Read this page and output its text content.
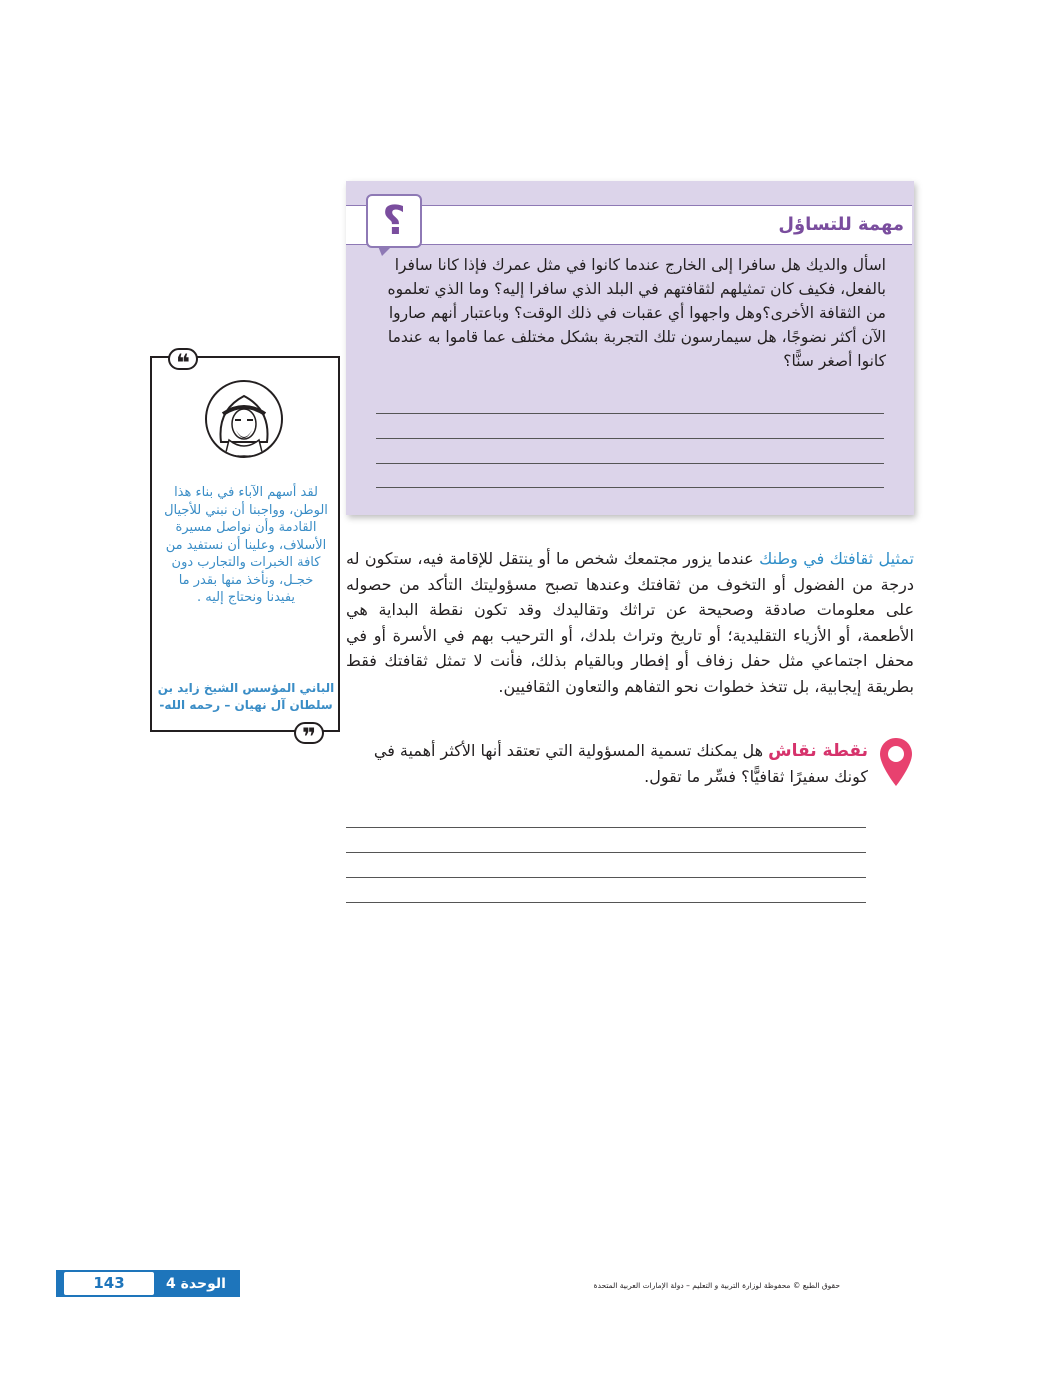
مهمة للتساؤل
؟
اسأل والديك هل سافرا إلى الخارج عندما كانوا في مثل عمرك فإذا كانا سافرا بالفعل، فكيف كان تمثيلهم لثقافتهم في البلد الذي سافرا إليه؟ وما الذي تعلموه من الثقافة الأخرى؟وهل واجهوا أي عقبات في ذلك الوقت؟ وباعتبار أنهم صاروا الآن أكثر نضوجًا، هل سيمارسون تلك التجربة بشكل مختلف عما قاموا به عندما كانوا أصغر سنًّا؟
❝
لقد أسهم الآباء في بناء هذا الوطن، وواجبنا أن نبني للأجيال القادمة وأن نواصل مسيرة الأسلاف، وعلينا أن نستفيد من كافة الخبرات والتجارب دون خجـل، ونأخذ منها بقدر ما يفيدنا ونحتاج إليه .
الباني المؤسس الشيخ زايد بن سلطان آل نهيان – رحمه الله-
❞
تمثيل ثقافتك في وطنك عندما يزور مجتمعك شخص ما أو ينتقل للإقامة فيه، ستكون له درجة من الفضول أو التخوف من ثقافتك وعندها تصبح مسؤوليتك التأكد من حصوله على معلومات صادقة وصحيحة عن تراثك وتقاليدك وقد تكون نقطة البداية هي الأطعمة، أو الأزياء التقليدية؛ أو تاريخ وتراث بلدك، أو الترحيب بهم في الأسرة أو في محفل اجتماعي مثل حفل زفاف أو إفطار وبالقيام بذلك، فأنت لا تمثل ثقافتك فقط بطريقة إيجابية، بل تتخذ خطوات نحو التفاهم والتعاون الثقافيين.
نقطة نقاش هل يمكنك تسمية المسؤولية التي تعتقد أنها الأكثر أهمية في كونك سفيرًا ثقافيًّا؟ فسِّر ما تقول.
143	الوحدة 4	حقوق الطبع © محفوظة لوزارة التربية و التعليم – دولة الإمارات العربية المتحدة
